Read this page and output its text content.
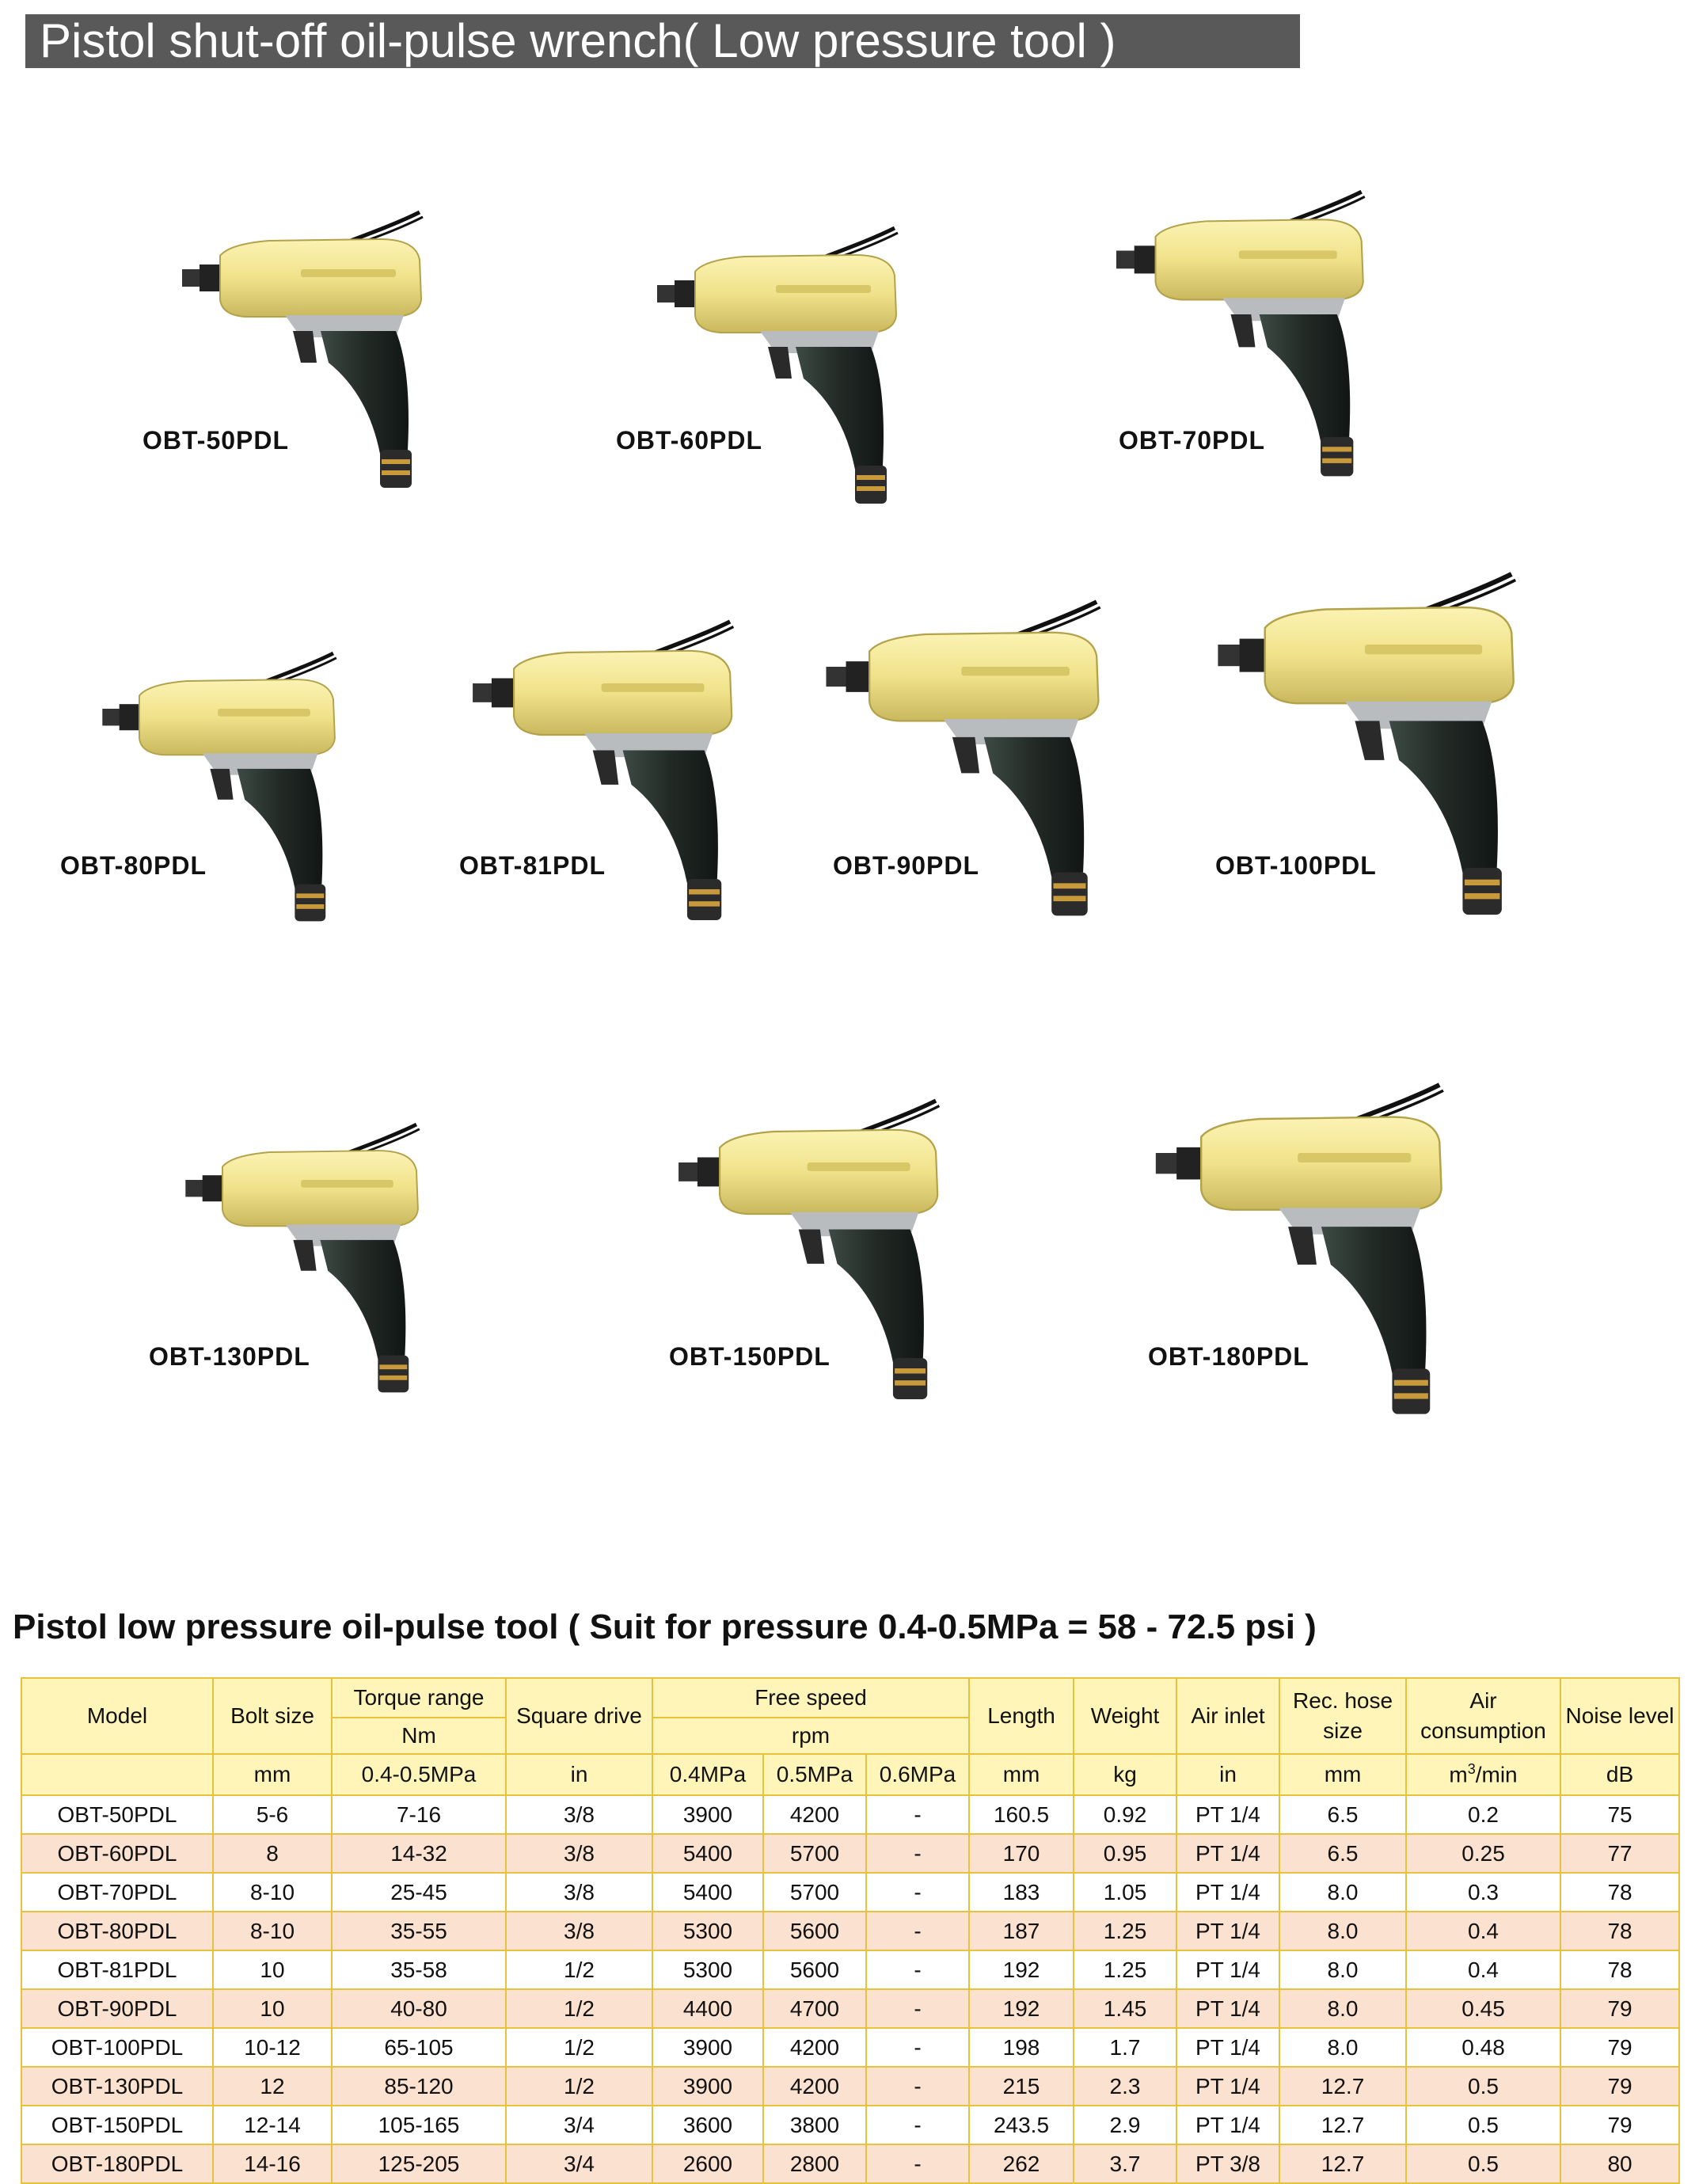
Pistol shut-off oil-pulse wrench( Low pressure tool )
OBT-50PDL	OBT-60PDL	OBT-70PDL
OBT-80PDL	OBT-81PDL	OBT-90PDL	OBT-100PDL
OBT-130PDL	OBT-150PDL	OBT-180PDL
Pistol low pressure oil-pulse tool ( Suit for pressure 0.4-0.5MPa = 58 - 72.5 psi )
Model	Bolt size	Torque range	Square drive	Free speed			Length	Weight	Air inlet	Rec. hose size	Air consumption	Noise level
		Nm		rpm								
	mm	0.4-0.5MPa	in	0.4MPa	0.5MPa	0.6MPa	mm	kg	in	mm	$m^3/\min$	dB
OBT-50PDL	5-6	7-16	3/8	3900	4200	-	160.5	0.92	PT 1/4	6.5	0.2	75
OBT-60PDL	8	14-32	3/8	5400	5700	-	170	0.95	PT 1/4	6.5	0.25	77
OBT-70PDL	8-10	25-45	3/8	5400	5700	-	183	1.05	PT 1/4	8.0	0.3	78
OBT-80PDL	8-10	35-55	3/8	5300	5600	-	187	1.25	PT 1/4	8.0	0.4	78
OBT-81PDL	10	35-58	1/2	5300	5600	-	192	1.25	PT 1/4	8.0	0.4	78
OBT-90PDL	10	40-80	1/2	4400	4700	-	192	1.45	PT 1/4	8.0	0.45	79
OBT-100PDL	10-12	65-105	1/2	3900	4200	-	198	1.7	PT 1/4	8.0	0.48	79
OBT-130PDL	12	85-120	1/2	3900	4200	-	215	2.3	PT 1/4	12.7	0.5	79
OBT-150PDL	12-14	105-165	3/4	3600	3800	-	243.5	2.9	PT 1/4	12.7	0.5	79
OBT-180PDL	14-16	125-205	3/4	2600	2800	-	262	3.7	PT 3/8	12.7	0.5	80
